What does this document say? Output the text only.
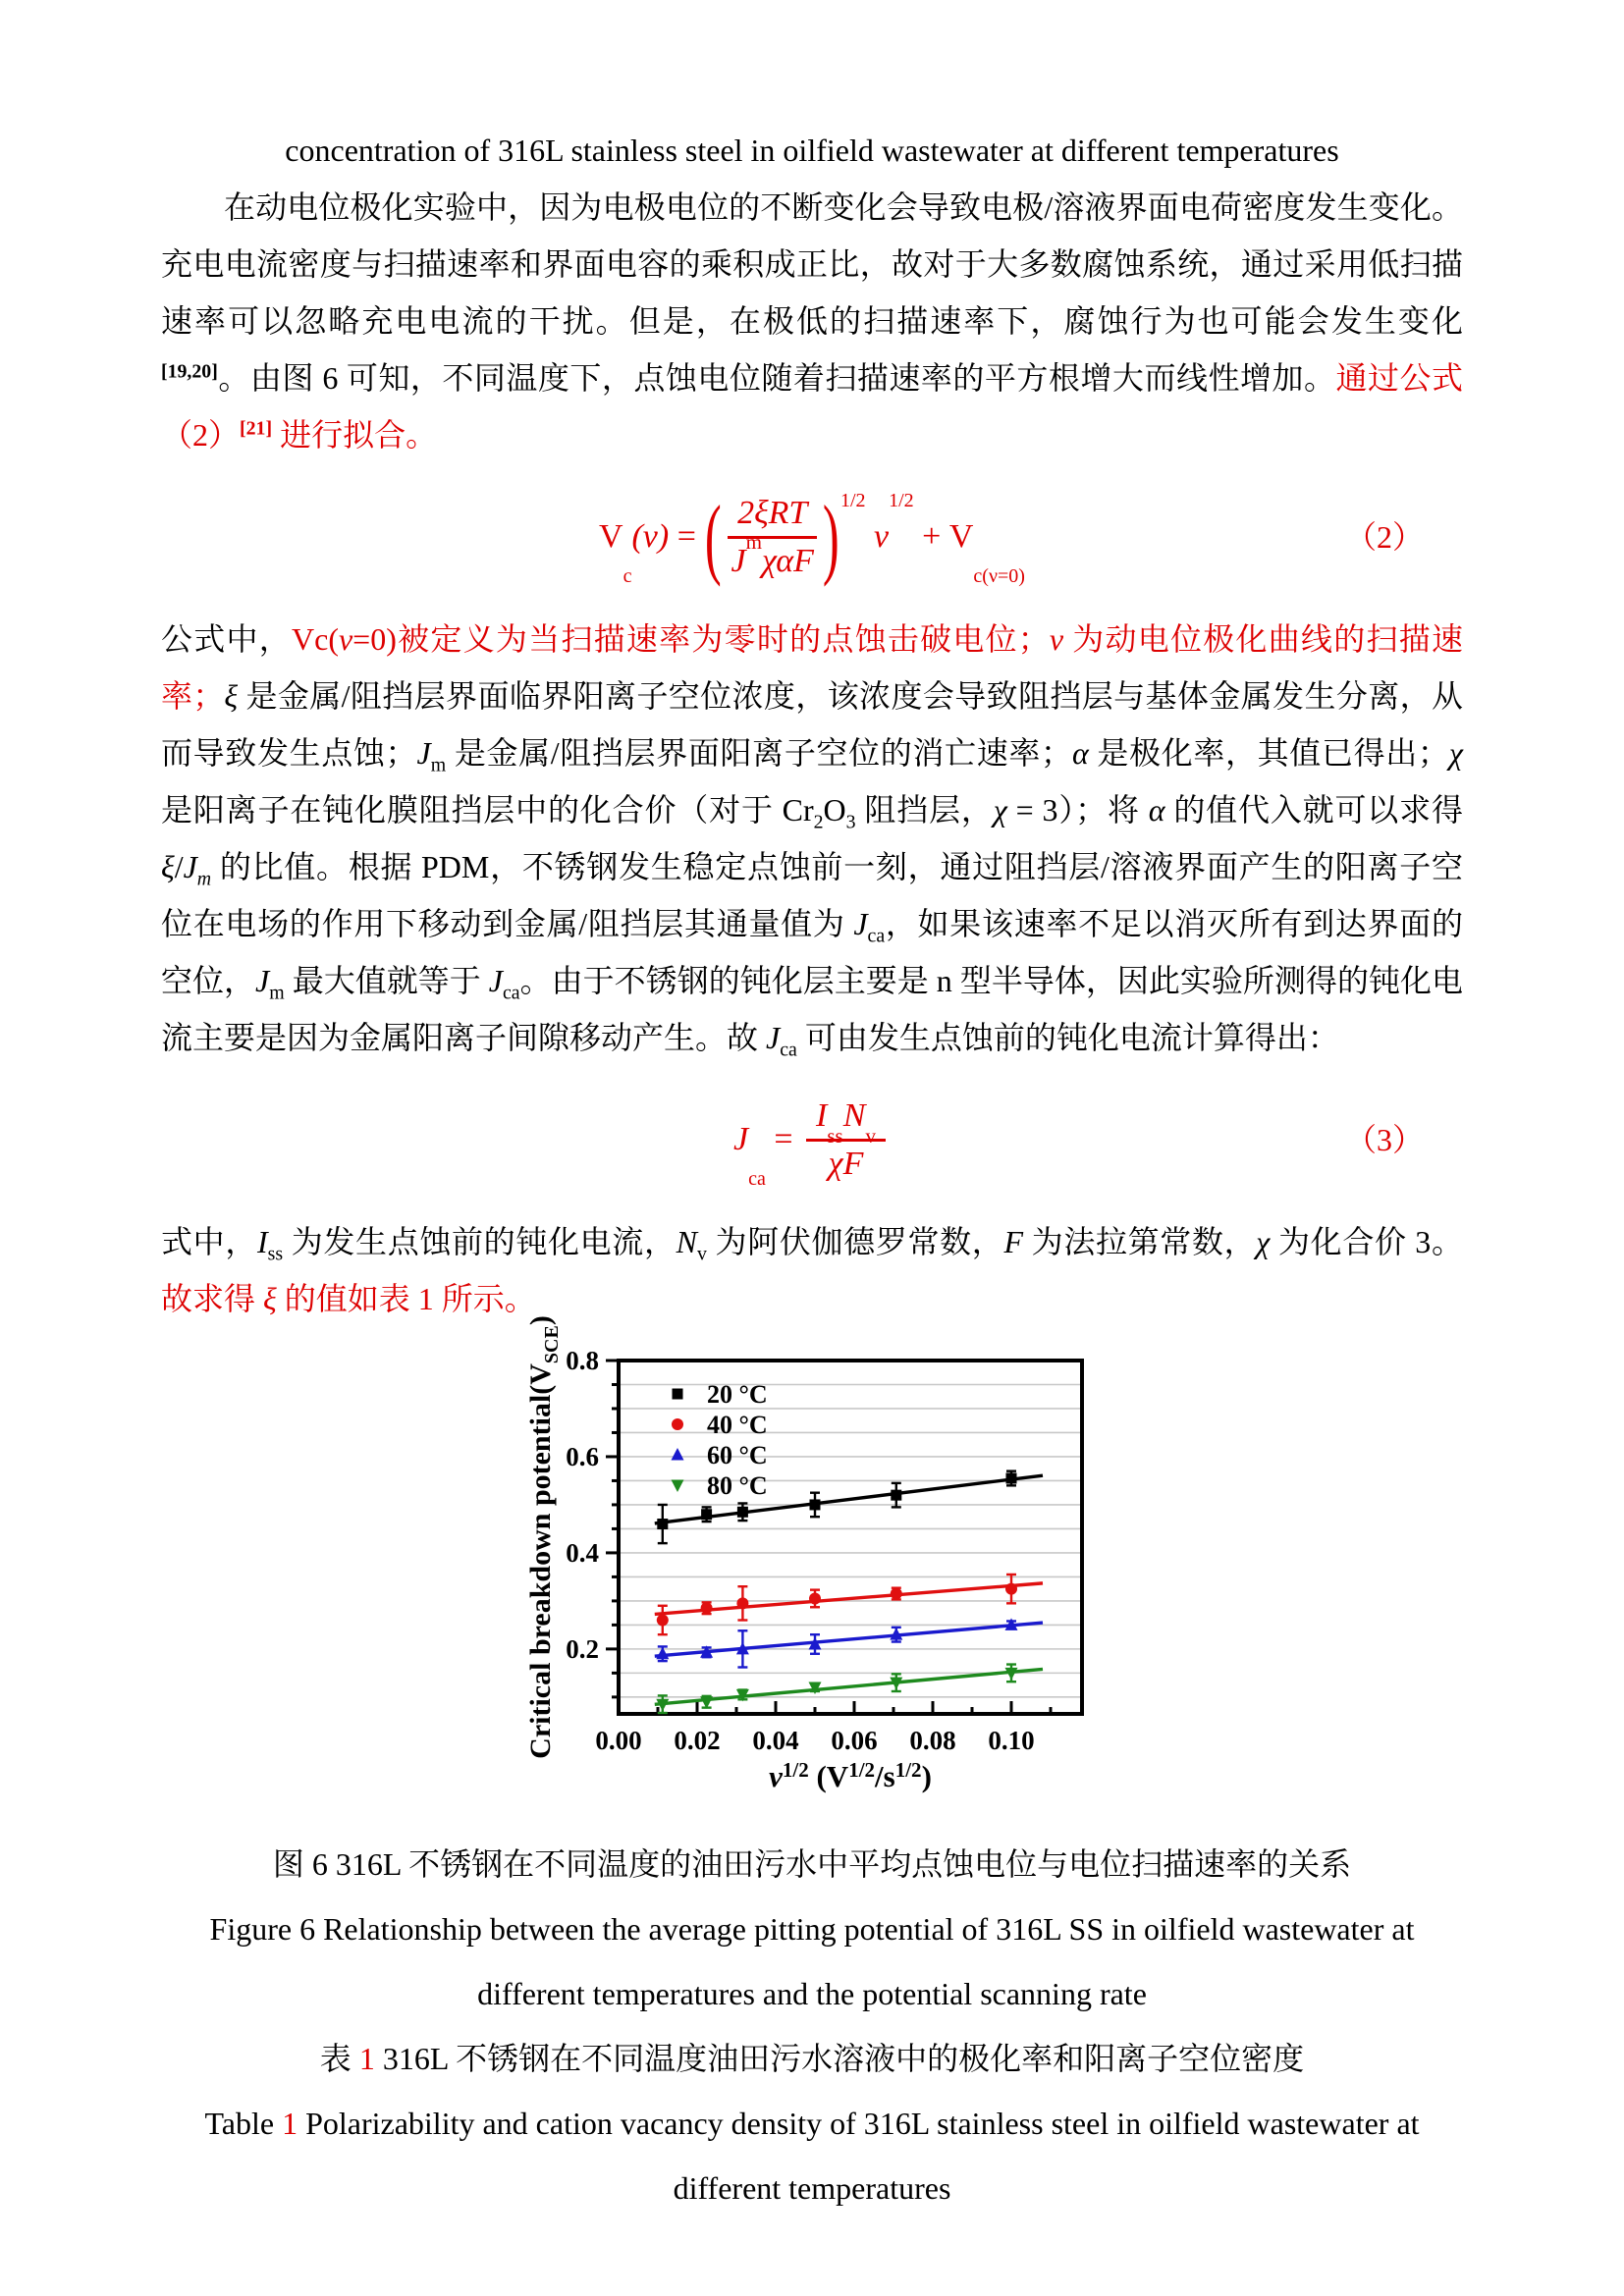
concentration of 316L stainless steel in oilfield wastewater at different temperatures
在动电位极化实验中，因为电极电位的不断变化会导致电极/溶液界面电荷密度发生变化。充电电流密度与扫描速率和界面电容的乘积成正比，故对于大多数腐蚀系统，通过采用低扫描速率可以忽略充电电流的干扰。但是，在极低的扫描速率下，腐蚀行为也可能会发生变化[19,20]。由图 6 可知，不同温度下，点蚀电位随着扫描速率的平方根增大而线性增加。通过公式（2）[21] 进行拟合。
V
c
(ν)
=
( 2ξRT
J
m
χαF ) 1/2

ν
1/2

+
V
c(ν=0)
（2）
公式中，Vc(ν=0)被定义为当扫描速率为零时的点蚀击破电位；ν 为动电位极化曲线的扫描速率；ξ 是金属/阻挡层界面临界阳离子空位浓度，该浓度会导致阻挡层与基体金属发生分离，从而导致发生点蚀；$J_m$ 是金属/阻挡层界面阳离子空位的消亡速率；α 是极化率，其值已得出；χ 是阳离子在钝化膜阻挡层中的化合价（对于 $Cr_2O_3$ 阻挡层，χ = 3）；将 α 的值代入就可以求得 $\xi/J_m$ 的比值。根据 PDM，不锈钢发生稳定点蚀前一刻，通过阻挡层/溶液界面产生的阳离子空位在电场的作用下移动到金属/阻挡层其通量值为 $J_{ca}$，如果该速率不足以消灭所有到达界面的空位，$J_m$ 最大值就等于 $J_{ca}$。由于不锈钢的钝化层主要是 n 型半导体，因此实验所测得的钝化电流主要是因为金属阳离子间隙移动产生。故 $J_{ca}$ 可由发生点蚀前的钝化电流计算得出：
J
ca

=
I
ss
N
v
χF	（3）
式中，$I_{ss}$ 为发生点蚀前的钝化电流，$N_v$ 为阿伏伽德罗常数，F 为法拉第常数，χ 为化合价 3。故求得 ξ 的值如表 1 所示。
0.2
0.4
0.6
0.8
0.00 0.02 0.04 0.06 0.08 0.10
$\nu^{1/2}$ $(V^{1/2}/s^{1/2})$
Critical breakdown $potential(V_{SCE})$
20 °C
40 °C
60 °C
80 °C
图 6 316L 不锈钢在不同温度的油田污水中平均点蚀电位与电位扫描速率的关系
Figure 6 Relationship between the average pitting potential of 316L SS in oilfield wastewater at
different temperatures and the potential scanning rate
表 1 316L 不锈钢在不同温度油田污水溶液中的极化率和阳离子空位密度
Table 1 Polarizability and cation vacancy density of 316L stainless steel in oilfield wastewater at
different temperatures
